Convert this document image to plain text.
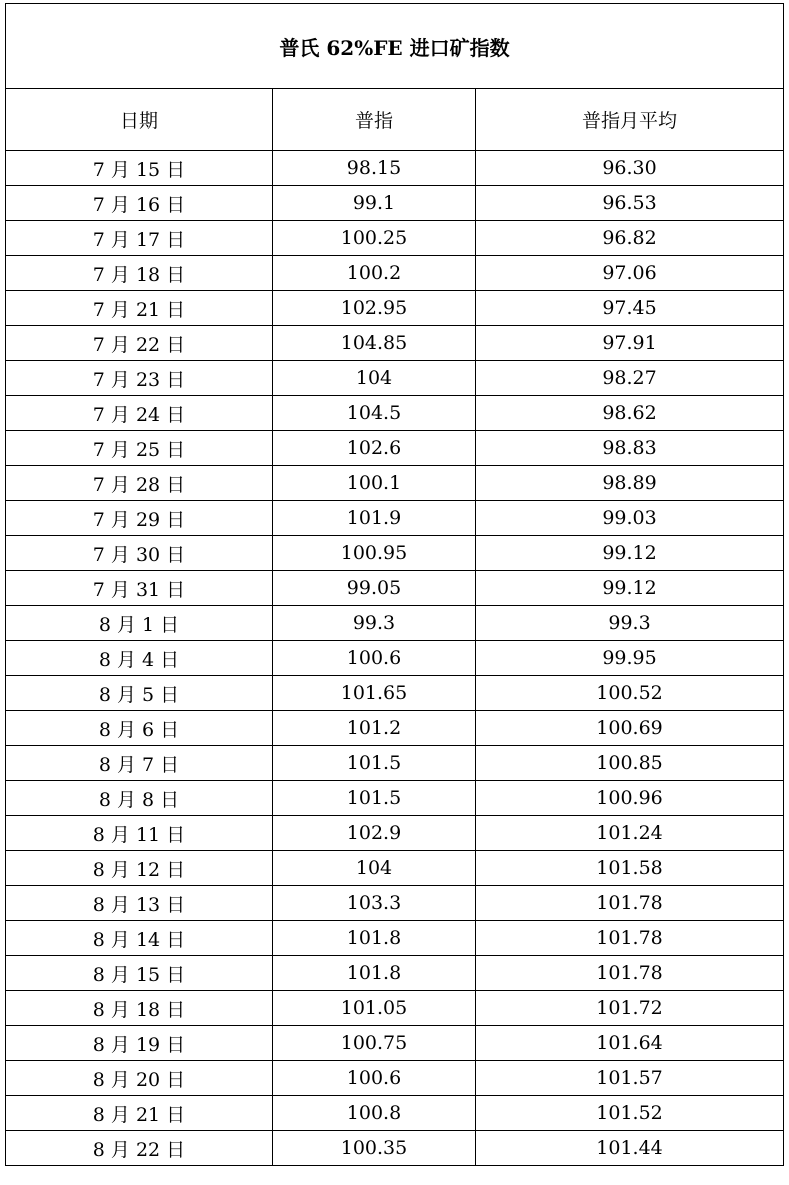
普氏 62%FE 进口矿指数		
日期	普指	普指月平均
7 月 15 日	98.15	96.30
7 月 16 日	99.1	96.53
7 月 17 日	100.25	96.82
7 月 18 日	100.2	97.06
7 月 21 日	102.95	97.45
7 月 22 日	104.85	97.91
7 月 23 日	104	98.27
7 月 24 日	104.5	98.62
7 月 25 日	102.6	98.83
7 月 28 日	100.1	98.89
7 月 29 日	101.9	99.03
7 月 30 日	100.95	99.12
7 月 31 日	99.05	99.12
8 月 1 日	99.3	99.3
8 月 4 日	100.6	99.95
8 月 5 日	101.65	100.52
8 月 6 日	101.2	100.69
8 月 7 日	101.5	100.85
8 月 8 日	101.5	100.96
8 月 11 日	102.9	101.24
8 月 12 日	104	101.58
8 月 13 日	103.3	101.78
8 月 14 日	101.8	101.78
8 月 15 日	101.8	101.78
8 月 18 日	101.05	101.72
8 月 19 日	100.75	101.64
8 月 20 日	100.6	101.57
8 月 21 日	100.8	101.52
8 月 22 日	100.35	101.44
